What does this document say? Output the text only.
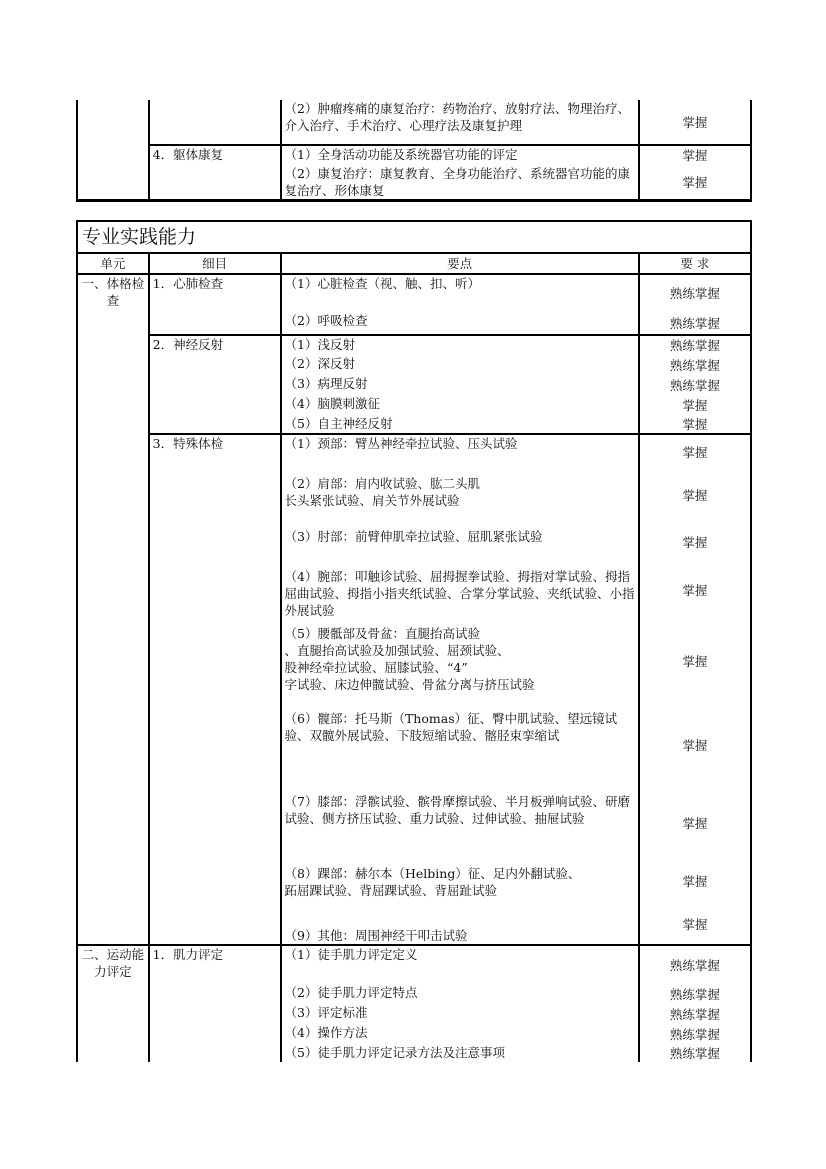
		（2）肿瘤疼痛的康复治疗：药物治疗、放射疗法、物理治疗、介入治疗、手术治疗、心理疗法及康复护理	掌握
	4．躯体康复	（1）全身活动功能及系统器官功能的评定	掌握
		（2）康复治疗：康复教育、全身功能治疗、系统器官功能的康复治疗、形体康复	掌握
专业实践能力			
单元	细目	要点	要 求
一、体格检查	1．心肺检查	（1）心脏检查（视、触、扣、听）	熟练掌握
		（2）呼吸检查	熟练掌握
	2．神经反射	（1）浅反射	熟练掌握
		（2）深反射	熟练掌握
		（3）病理反射	熟练掌握
		（4）脑膜刺激征	掌握
		（5）自主神经反射	掌握
	3．特殊体检	（1）颈部：臂丛神经牵拉试验、压头试验	掌握
		（2）肩部：肩内收试验、肱二头肌
长头紧张试验、肩关节外展试验	掌握
		（3）肘部：前臂伸肌牵拉试验、屈肌紧张试验	掌握
		（4）腕部：叩触诊试验、屈拇握拳试验、拇指对掌试验、拇指屈曲试验、拇指小指夹纸试验、合掌分掌试验、夹纸试验、小指外展试验	掌握
		（5）腰骶部及骨盆：直腿抬高试验
、直腿抬高试验及加强试验、屈颈试验、
股神经牵拉试验、屈膝试验、“4”
字试验、床边伸髋试验、骨盆分离与挤压试验	掌握
		（6）髋部：托马斯（Thomas）征、臀中肌试验、望远镜试验、双髋外展试验、下肢短缩试验、髂胫束挛缩试	掌握
		（7）膝部：浮髌试验、髌骨摩擦试验、半月板弹响试验、研磨试验、侧方挤压试验、重力试验、过伸试验、抽屉试验	掌握
		（8）踝部：赫尔本（Helbing）征、足内外翻试验、
跖屈踝试验、背屈踝试验、背屈趾试验	掌握
		（9）其他：周围神经干叩击试验	掌握
二、运动能力评定	1．肌力评定	（1）徒手肌力评定定义	熟练掌握
		（2）徒手肌力评定特点	熟练掌握
		（3）评定标准	熟练掌握
		（4）操作方法	熟练掌握
		（5）徒手肌力评定记录方法及注意事项	熟练掌握
